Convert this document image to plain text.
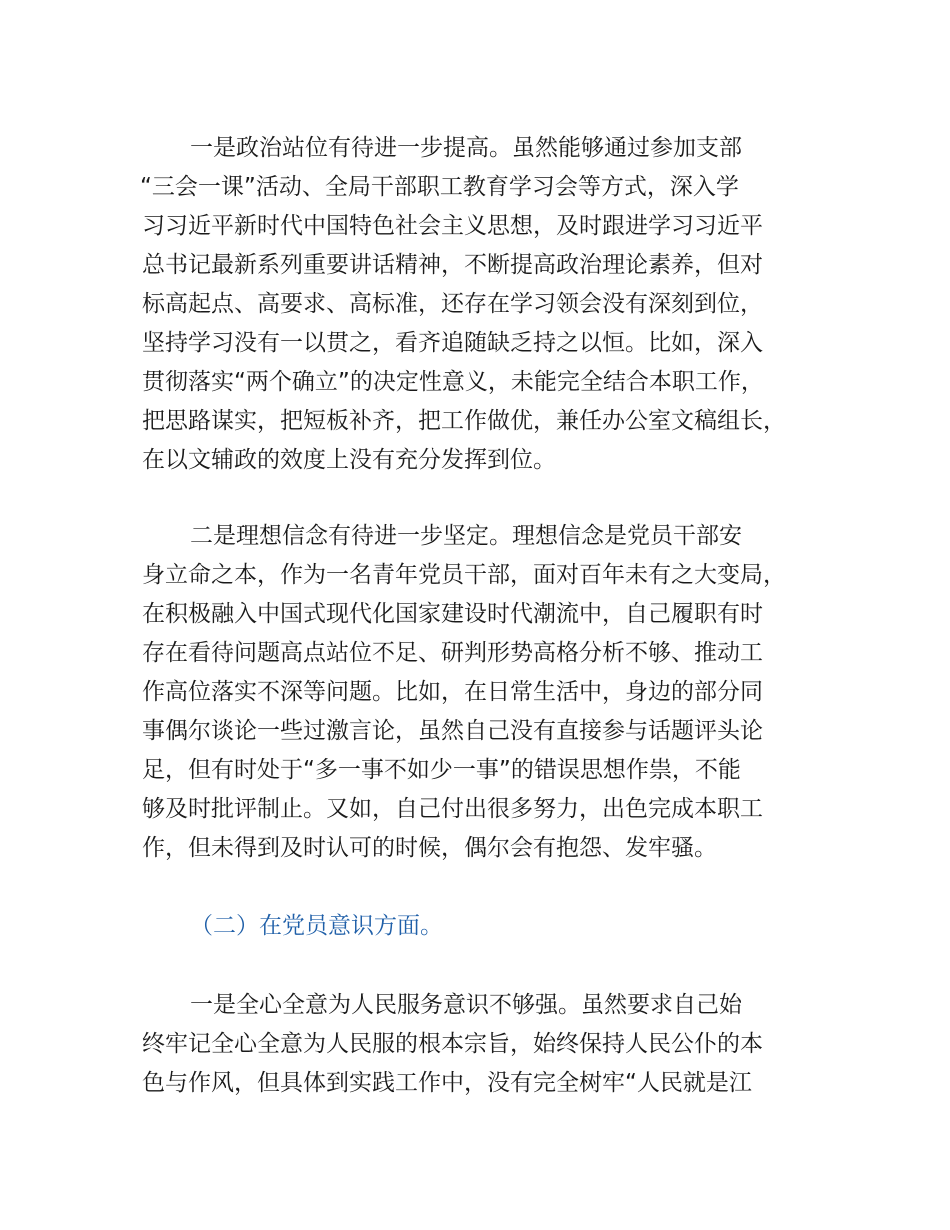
一是政治站位有待进一步提高。虽然能够通过参加支部
“三会一课”活动、全局干部职工教育学习会等方式，深入学
习习近平新时代中国特色社会主义思想，及时跟进学习习近平
总书记最新系列重要讲话精神，不断提高政治理论素养，但对
标高起点、高要求、高标准，还存在学习领会没有深刻到位，
坚持学习没有一以贯之，看齐追随缺乏持之以恒。比如，深入
贯彻落实“两个确立”的决定性意义，未能完全结合本职工作，
把思路谋实，把短板补齐，把工作做优，兼任办公室文稿组长，
在以文辅政的效度上没有充分发挥到位。
二是理想信念有待进一步坚定。理想信念是党员干部安
身立命之本，作为一名青年党员干部，面对百年未有之大变局，
在积极融入中国式现代化国家建设时代潮流中，自己履职有时
存在看待问题高点站位不足、研判形势高格分析不够、推动工
作高位落实不深等问题。比如，在日常生活中，身边的部分同
事偶尔谈论一些过激言论，虽然自己没有直接参与话题评头论
足，但有时处于“多一事不如少一事”的错误思想作祟，不能
够及时批评制止。又如，自己付出很多努力，出色完成本职工
作，但未得到及时认可的时候，偶尔会有抱怨、发牢骚。
（二）在党员意识方面。
一是全心全意为人民服务意识不够强。虽然要求自己始
终牢记全心全意为人民服的根本宗旨，始终保持人民公仆的本
色与作风，但具体到实践工作中，没有完全树牢“人民就是江
